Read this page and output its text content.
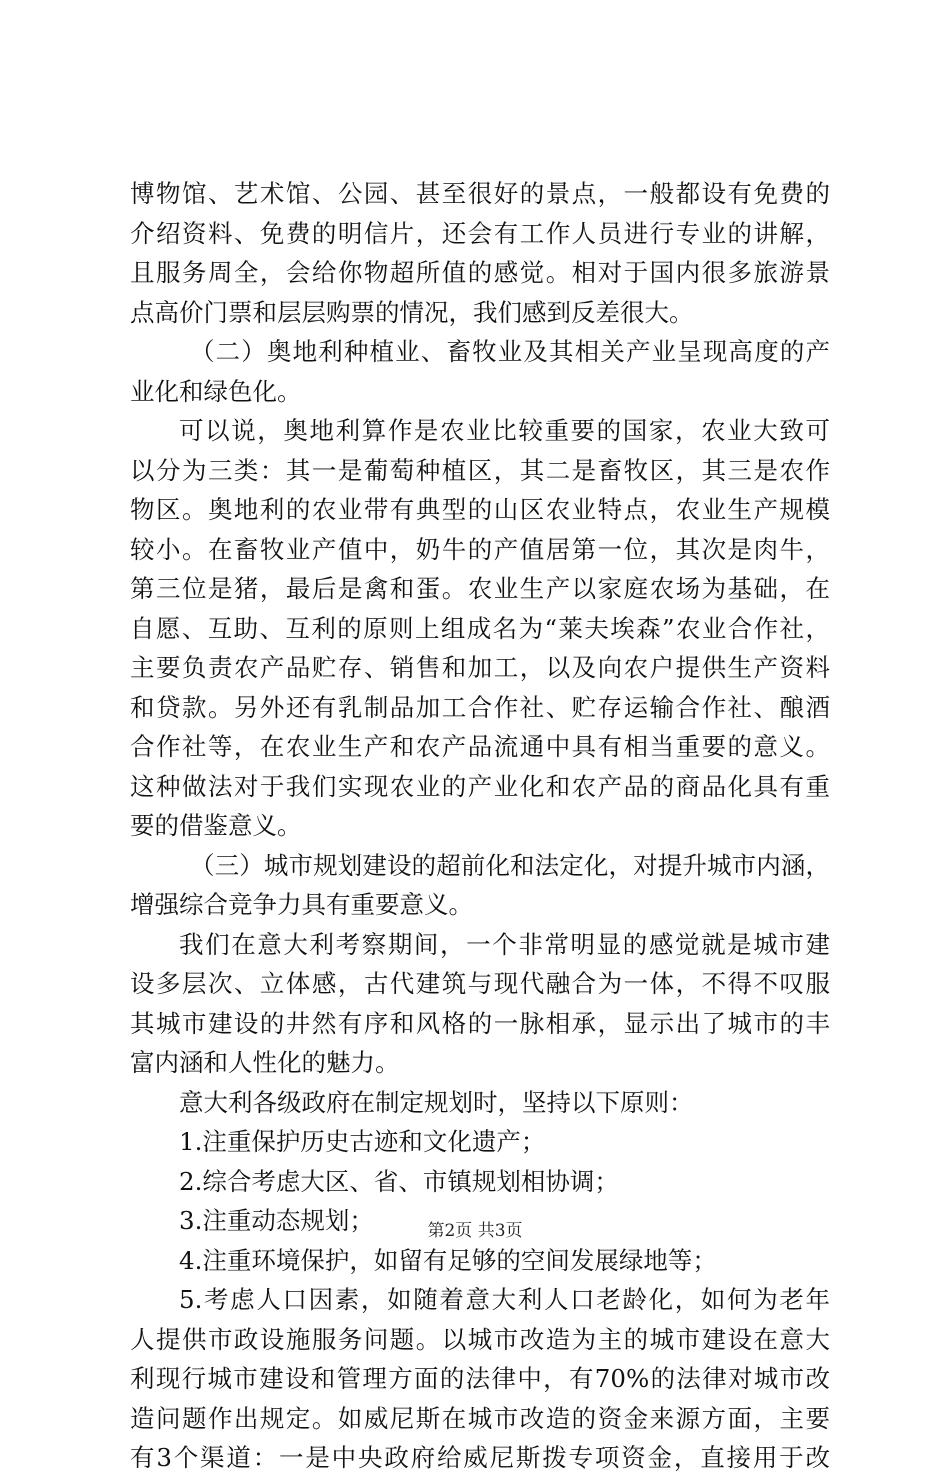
博物馆、艺术馆、公园、甚至很好的景点，一般都设有免费的
介绍资料、免费的明信片，还会有工作人员进行专业的讲解，
且服务周全，会给你物超所值的感觉。相对于国内很多旅游景
点高价门票和层层购票的情况，我们感到反差很大。
（二）奥地利种植业、畜牧业及其相关产业呈现高度的产
业化和绿色化。
可以说，奥地利算作是农业比较重要的国家，农业大致可
以分为三类：其一是葡萄种植区，其二是畜牧区，其三是农作
物区。奥地利的农业带有典型的山区农业特点，农业生产规模
较小。在畜牧业产值中，奶牛的产值居第一位，其次是肉牛，
第三位是猪，最后是禽和蛋。农业生产以家庭农场为基础，在
自愿、互助、互利的原则上组成名为“莱夫埃森”农业合作社，
主要负责农产品贮存、销售和加工，以及向农户提供生产资料
和贷款。另外还有乳制品加工合作社、贮存运输合作社、酿酒
合作社等，在农业生产和农产品流通中具有相当重要的意义。
这种做法对于我们实现农业的产业化和农产品的商品化具有重
要的借鉴意义。
（三）城市规划建设的超前化和法定化，对提升城市内涵，
增强综合竞争力具有重要意义。
我们在意大利考察期间，一个非常明显的感觉就是城市建
设多层次、立体感，古代建筑与现代融合为一体，不得不叹服
其城市建设的井然有序和风格的一脉相承，显示出了城市的丰
富内涵和人性化的魅力。
意大利各级政府在制定规划时，坚持以下原则：
1.注重保护历史古迹和文化遗产；
2.综合考虑大区、省、市镇规划相协调；
3.注重动态规划；
4.注重环境保护，如留有足够的空间发展绿地等；
5.考虑人口因素，如随着意大利人口老龄化，如何为老年
人提供市政设施服务问题。以城市改造为主的城市建设在意大
利现行城市建设和管理方面的法律中，有70%的法律对城市改
造问题作出规定。如威尼斯在城市改造的资金来源方面，主要
有3个渠道：一是中央政府给威尼斯拨专项资金，直接用于改
第2页 共3页
